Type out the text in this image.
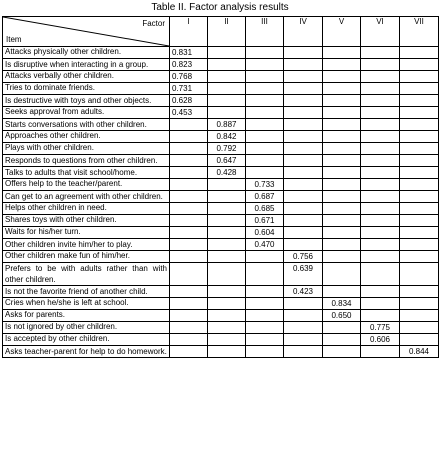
Table II. Factor analysis results
Factor
Item	I	II	III	IV	V	VI	VII
Attacks physically other children.	0.831						
Is disruptive when interacting in a group.	0.823						
Attacks verbally other children.	0.768						
Tries to dominate friends.	0.731						
Is destructive with toys and other objects.	0.628						
Seeks approval from adults.	0.453						
Starts conversations with other children.		0.887					
Approaches other children.		0.842					
Plays with other children.		0.792					
Responds to questions from other children.		0.647					
Talks to adults that visit school/home.		0.428					
Offers help to the teacher/parent.			0.733				
Can get to an agreement with other children.			0.687				
Helps other children in need.			0.685				
Shares toys with other children.			0.671				
Waits for his/her turn.			0.604				
Other children invite him/her to play.			0.470				
Other children make fun of him/her.				0.756			
Prefers to be with adults rather than with other children.				0.639			
Is not the favorite friend of another child.				0.423			
Cries when he/she is left at school.					0.834		
Asks for parents.					0.650		
Is not ignored by other children.						0.775	
Is accepted by other children.						0.606	
Asks teacher-parent for help to do homework.							0.844
